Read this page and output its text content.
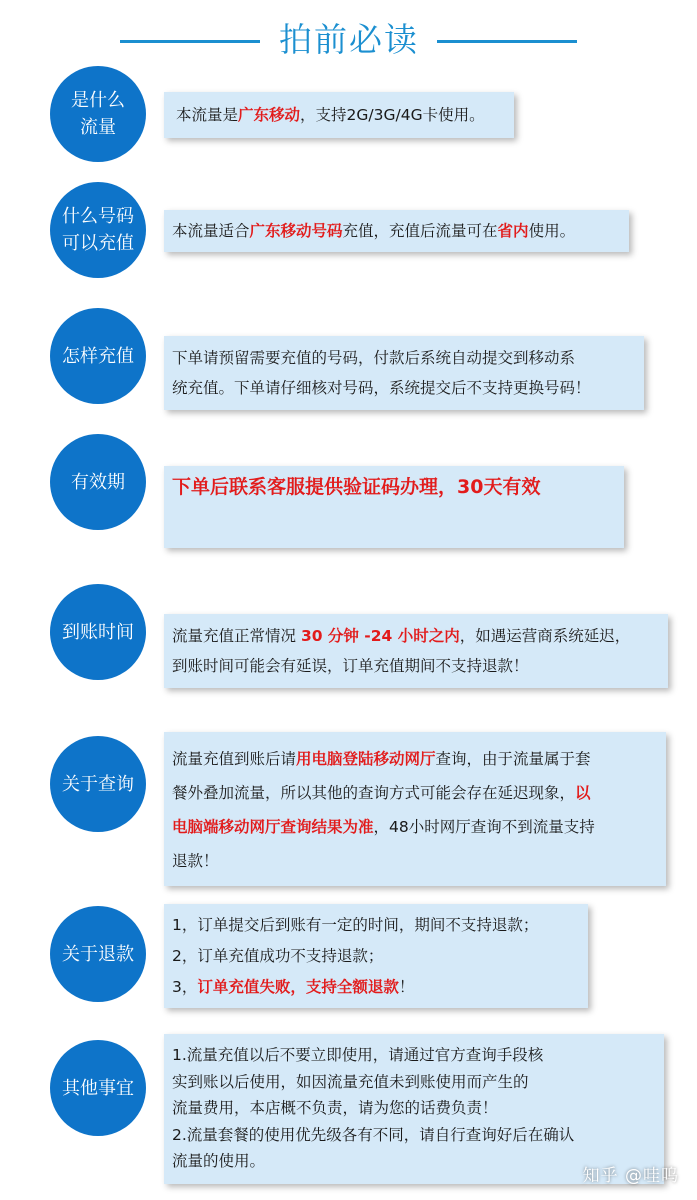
拍前必读
是什么
流量

本流量是广东移动，支持2G/3G/4G卡使用。

什么号码
可以充值

本流量适合广东移动号码充值，充值后流量可在省内使用。

怎样充值 下单请预留需要充值的号码，付款后系统自动提交到移动系

统充值。下单请仔细核对号码，系统提交后不支持更换号码！

有效期 下单后联系客服提供验证码办理，30天有效

到账时间 流量充值正常情况 30 分钟 -24 小时之内，如遇运营商系统延迟，

到账时间可能会有延误，订单充值期间不支持退款！

关于查询

流量充值到账后请用电脑登陆移动网厅查询，由于流量属于套

餐外叠加流量，所以其他的查询方式可能会存在延迟现象，以

电脑端移动网厅查询结果为准，48小时网厅查询不到流量支持

退款！

关于退款

1，订单提交后到账有一定的时间，期间不支持退款；

2，订单充值成功不支持退款；

3，订单充值失败，支持全额退款！

其他事宜

1.流量充值以后不要立即使用，请通过官方查询手段核

实到账以后使用，如因流量充值未到账使用而产生的

流量费用，本店概不负责，请为您的话费负责！

2.流量套餐的使用优先级各有不同，请自行查询好后在确认

流量的使用。

知乎 @哇呜
